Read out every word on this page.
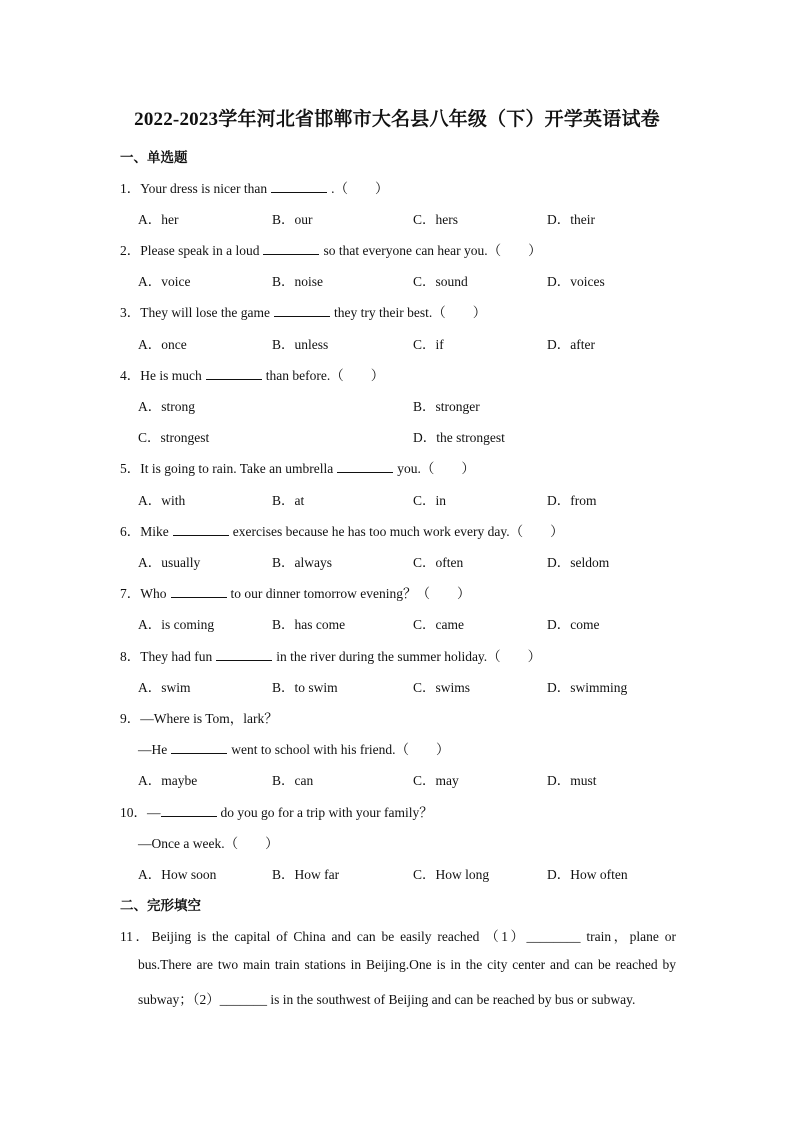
2022-2023学年河北省邯郸市大名县八年级（下）开学英语试卷
一、单选题
1．Your dress is nicer than	.（　　）
A．her	B．our	C．hers	D．their
2．Please speak in a loud	so that everyone can hear you.（　　）
A．voice	B．noise	C．sound	D．voices
3．They will lose the game	they try their best.（　　）
A．once	B．unless	C．if	D．after
4．He is much	than before.（　　）
A．strong	B．stronger
C．strongest	D．the strongest
5．It is going to rain. Take an umbrella	you.（　　）
A．with	B．at	C．in	D．from
6．Mike	exercises because he has too much work every day.（　　）
A．usually	B．always	C．often	D．seldom
7．Who	to our dinner tomorrow evening？（　　）
A．is coming	B．has come	C．came	D．come
8．They had fun	in the river during the summer holiday.（　　）
A．swim	B．to swim	C．swims	D．swimming
9．—Where is Tom，lark？
—He	went to school with his friend.（　　）
A．maybe	B．can	C．may	D．must
10．—	do you go for a trip with your family？
—Once a week.（　　）
A．How soon	B．How far	C．How long	D．How often
二、完形填空
11．Beijing is the capital of China and can be easily reached （1）________ train，plane or
bus.There are two main train stations in Beijing.One is in the city center and can be reached by
subway；（2）_______ is in the southwest of Beijing and can be reached by bus or subway.
